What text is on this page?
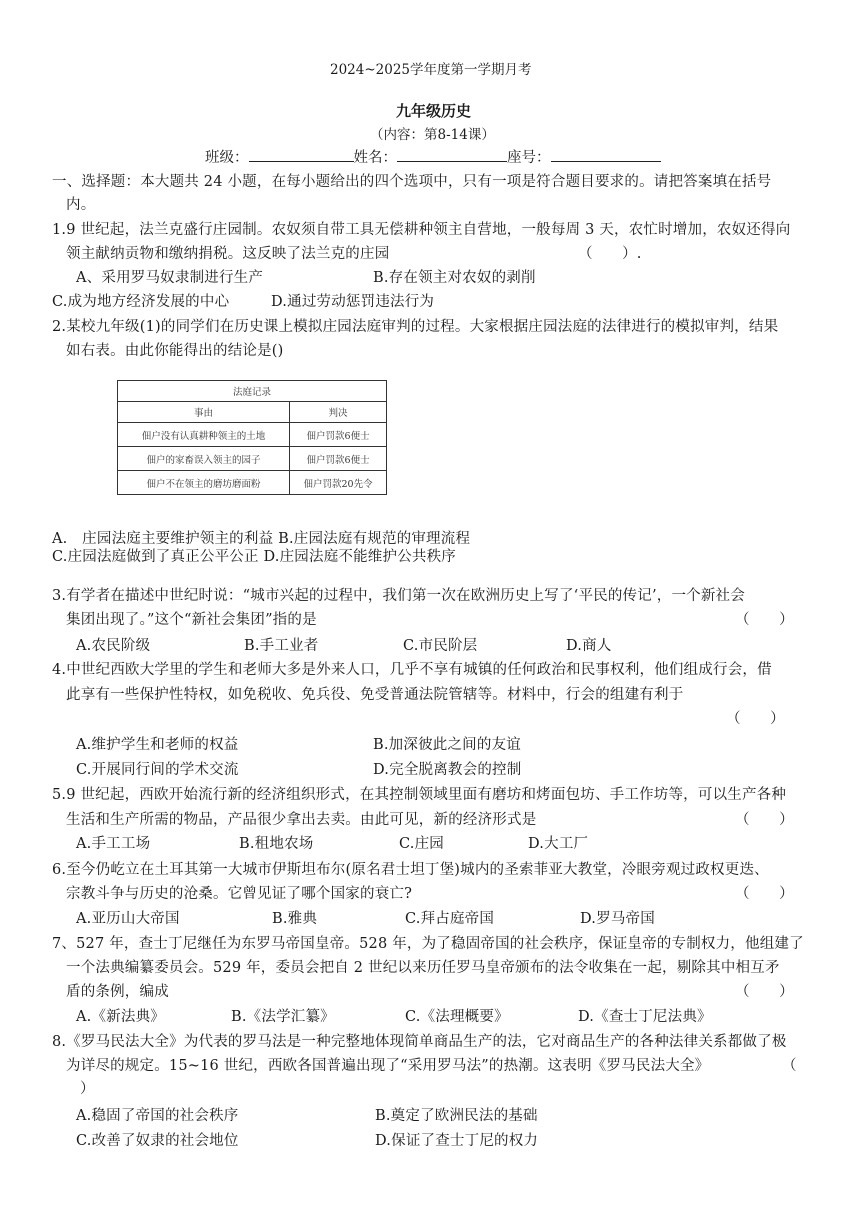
2024~2025学年度第一学期月考
九年级历史
（内容：第8-14课）
班级：	姓名：	座号：
一、选择题：本大题共 24 小题，在每小题给出的四个选项中，只有一项是符合题目要求的。请把答案填在括号
内。
1.9 世纪起，法兰克盛行庄园制。农奴须自带工具无偿耕种领主自营地，一般每周 3 天，农忙时增加，农奴还得向
领主献纳贡物和缴纳捐税。这反映了法兰克的庄园	（　　）.
A、采用罗马奴隶制进行生产	B.存在领主对农奴的剥削
C.成为地方经济发展的中心	D.通过劳动惩罚违法行为
2.某校九年级(1)的同学们在历史课上模拟庄园法庭审判的过程。大家根据庄园法庭的法律进行的模拟审判，结果
如右表。由此你能得出的结论是()
法庭记录	
事由	判决
佃户没有认真耕种领主的土地	佃户罚款6便士
佃户的家畜误入领主的园子	佃户罚款6便士
佃户不在领主的磨坊磨面粉	佃户罚款20先令
A.　庄园法庭主要维护领主的利益 B.庄园法庭有规范的审理流程
C.庄园法庭做到了真正公平公正 D.庄园法庭不能维护公共秩序
3.有学者在描述中世纪时说：“城市兴起的过程中，我们第一次在欧洲历史上写了‘平民的传记’，一个新社会
集团出现了。”这个“新社会集团”指的是	（　　）
A.农民阶级	B.手工业者	C.市民阶层	D.商人
4.中世纪西欧大学里的学生和老师大多是外来人口，几乎不享有城镇的任何政治和民事权利，他们组成行会，借
此享有一些保护性特权，如免税收、免兵役、免受普通法院管辖等。材料中，行会的组建有利于
（　　）
A.维护学生和老师的权益	B.加深彼此之间的友谊
C.开展同行间的学术交流	D.完全脱离教会的控制
5.9 世纪起，西欧开始流行新的经济组织形式，在其控制领域里面有磨坊和烤面包坊、手工作坊等，可以生产各种
生活和生产所需的物品，产品很少拿出去卖。由此可见，新的经济形式是	（　　）
A.手工工场	B.租地农场	C.庄园	D.大工厂
6.至今仍屹立在土耳其第一大城市伊斯坦布尔(原名君士坦丁堡)城内的圣索菲亚大教堂，冷眼旁观过政权更迭、
宗教斗争与历史的沧桑。它曾见证了哪个国家的衰亡?	（　　）
A.亚历山大帝国	B.雅典	C.拜占庭帝国	D.罗马帝国
7、527 年，查士丁尼继任为东罗马帝国皇帝。528 年，为了稳固帝国的社会秩序，保证皇帝的专制权力，他组建了
一个法典编纂委员会。529 年，委员会把自 2 世纪以来历任罗马皇帝颁布的法令收集在一起，剔除其中相互矛
盾的条例，编成	（　　）
A.《新法典》	B.《法学汇纂》	C.《法理概要》	D.《查士丁尼法典》
8.《罗马民法大全》为代表的罗马法是一种完整地体现简单商品生产的法，它对商品生产的各种法律关系都做了极
为详尽的规定。15~16 世纪，西欧各国普遍出现了“采用罗马法”的热潮。这表明《罗马民法大全》	（
）
A.稳固了帝国的社会秩序	B.奠定了欧洲民法的基础
C.改善了奴隶的社会地位	D.保证了查士丁尼的权力
